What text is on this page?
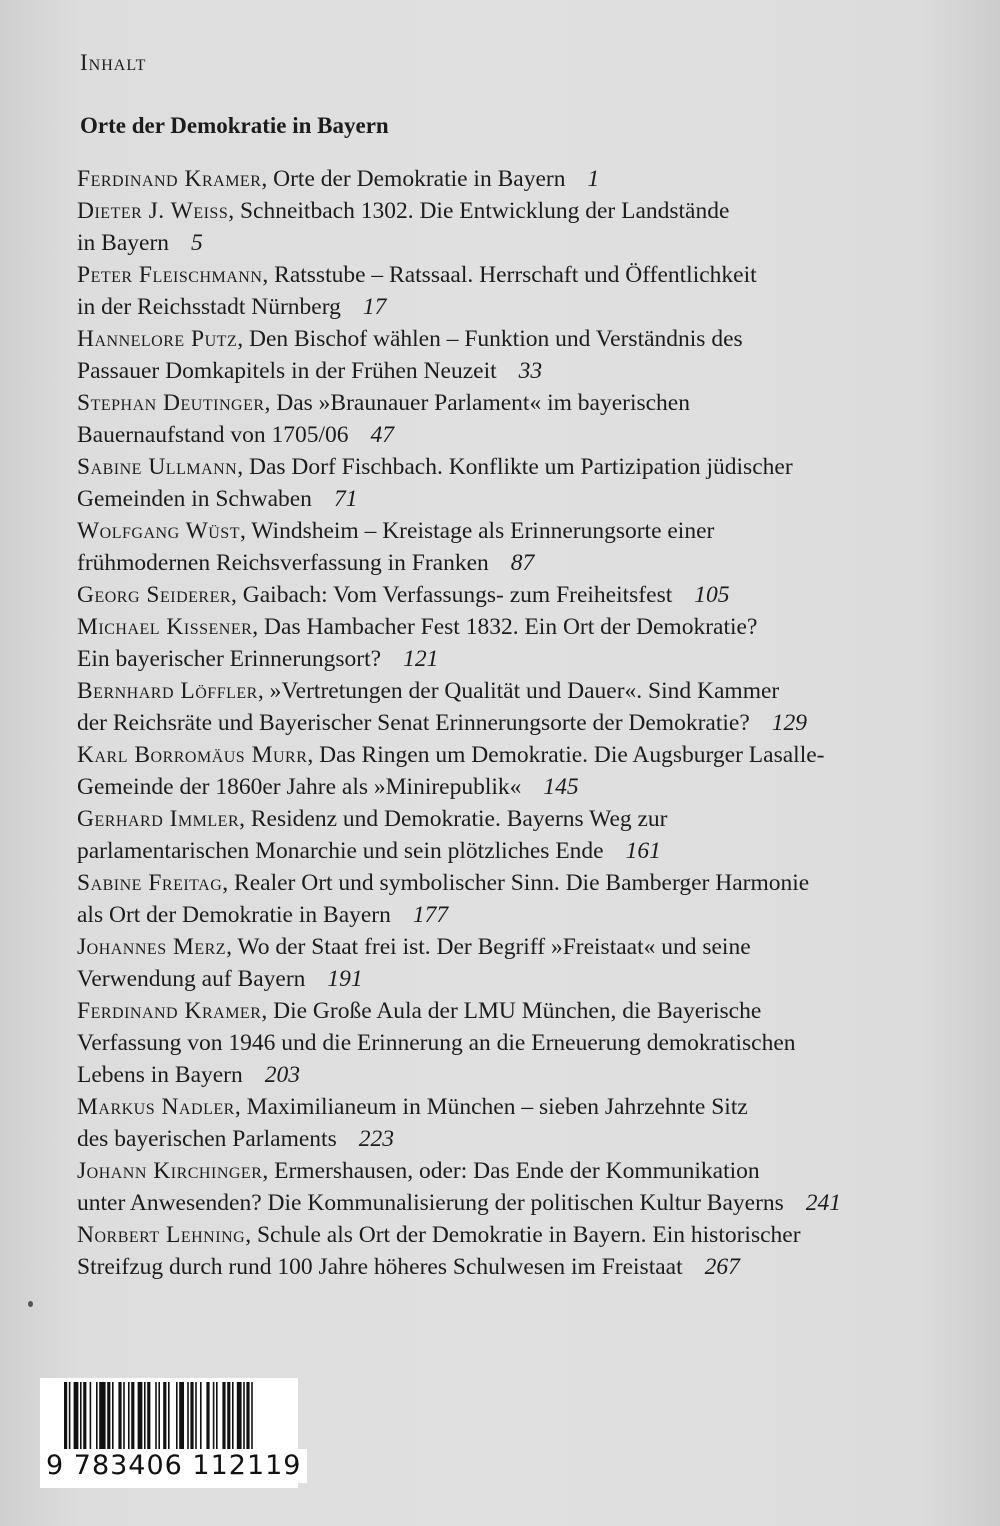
Inhalt
Orte der Demokratie in Bayern
Ferdinand Kramer, Orte der Demokratie in Bayern 1
Dieter J. Weiss, Schneitbach 1302. Die Entwicklung der Landstände
in Bayern 5
Peter Fleischmann, Ratsstube – Ratssaal. Herrschaft und Öffentlichkeit
in der Reichsstadt Nürnberg 17
Hannelore Putz, Den Bischof wählen – Funktion und Verständnis des
Passauer Domkapitels in der Frühen Neuzeit 33
Stephan Deutinger, Das »Braunauer Parlament« im bayerischen
Bauernaufstand von 1705/06 47
Sabine Ullmann, Das Dorf Fischbach. Konflikte um Partizipation jüdischer
Gemeinden in Schwaben 71
Wolfgang Wüst, Windsheim – Kreistage als Erinnerungsorte einer
frühmodernen Reichsverfassung in Franken 87
Georg Seiderer, Gaibach: Vom Verfassungs- zum Freiheitsfest 105
Michael Kissener, Das Hambacher Fest 1832. Ein Ort der Demokratie?
Ein bayerischer Erinnerungsort? 121
Bernhard Löffler, »Vertretungen der Qualität und Dauer«. Sind Kammer
der Reichsräte und Bayerischer Senat Erinnerungsorte der Demokratie? 129
Karl Borromäus Murr, Das Ringen um Demokratie. Die Augsburger Lasalle-
Gemeinde der 1860er Jahre als »Minirepublik« 145
Gerhard Immler, Residenz und Demokratie. Bayerns Weg zur
parlamentarischen Monarchie und sein plötzliches Ende 161
Sabine Freitag, Realer Ort und symbolischer Sinn. Die Bamberger Harmonie
als Ort der Demokratie in Bayern 177
Johannes Merz, Wo der Staat frei ist. Der Begriff »Freistaat« und seine
Verwendung auf Bayern 191
Ferdinand Kramer, Die Große Aula der LMU München, die Bayerische
Verfassung von 1946 und die Erinnerung an die Erneuerung demokratischen
Lebens in Bayern 203
Markus Nadler, Maximilianeum in München – sieben Jahrzehnte Sitz
des bayerischen Parlaments 223
Johann Kirchinger, Ermershausen, oder: Das Ende der Kommunikation
unter Anwesenden? Die Kommunalisierung der politischen Kultur Bayerns 241
Norbert Lehning, Schule als Ort der Demokratie in Bayern. Ein historischer
Streifzug durch rund 100 Jahre höheres Schulwesen im Freistaat 267
9 783406 112119
